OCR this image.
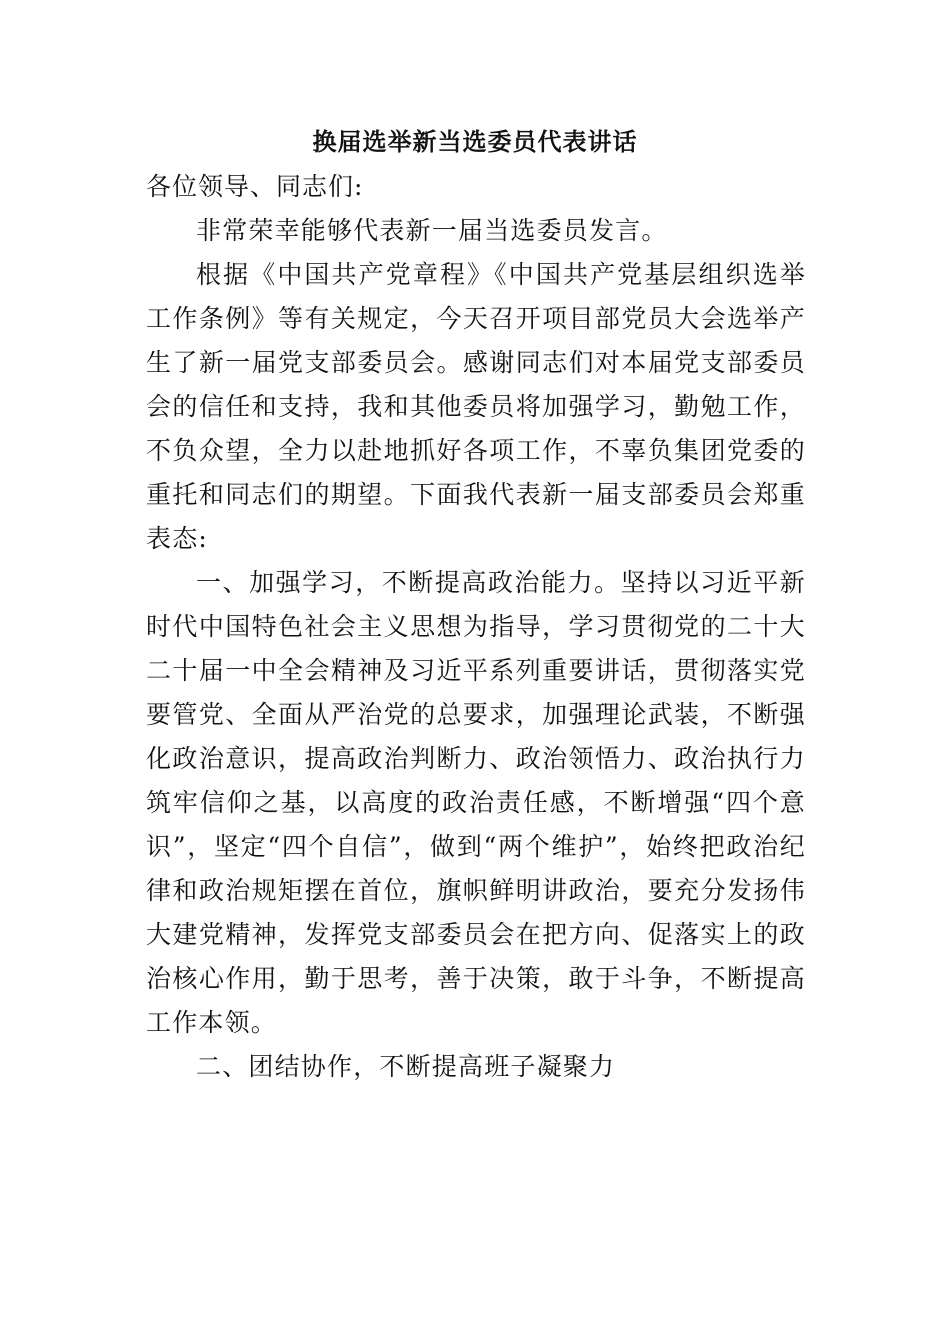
换届选举新当选委员代表讲话
各位领导、同志们:

非常荣幸能够代表新一届当选委员发言。

根据《中国共产党章程》《中国共产党基层组织选举工作条例》等有关规定，今天召开项目部党员大会选举产生了新一届党支部委员会。感谢同志们对本届党支部委员会的信任和支持，我和其他委员将加强学习，勤勉工作，不负众望，全力以赴地抓好各项工作，不辜负集团党委的重托和同志们的期望。下面我代表新一届支部委员会郑重表态:

一、加强学习，不断提高政治能力。坚持以习近平新时代中国特色社会主义思想为指导，学习贯彻党的二十大二十届一中全会精神及习近平系列重要讲话，贯彻落实党要管党、全面从严治党的总要求，加强理论武装，不断强化政治意识，提高政治判断力、政治领悟力、政治执行力筑牢信仰之基，以高度的政治责任感，不断增强“四个意识”，坚定“四个自信”，做到“两个维护”，始终把政治纪律和政治规矩摆在首位，旗帜鲜明讲政治，要充分发扬伟大建党精神，发挥党支部委员会在把方向、促落实上的政治核心作用，勤于思考，善于决策，敢于斗争，不断提高工作本领。

二、团结协作，不断提高班子凝聚力
